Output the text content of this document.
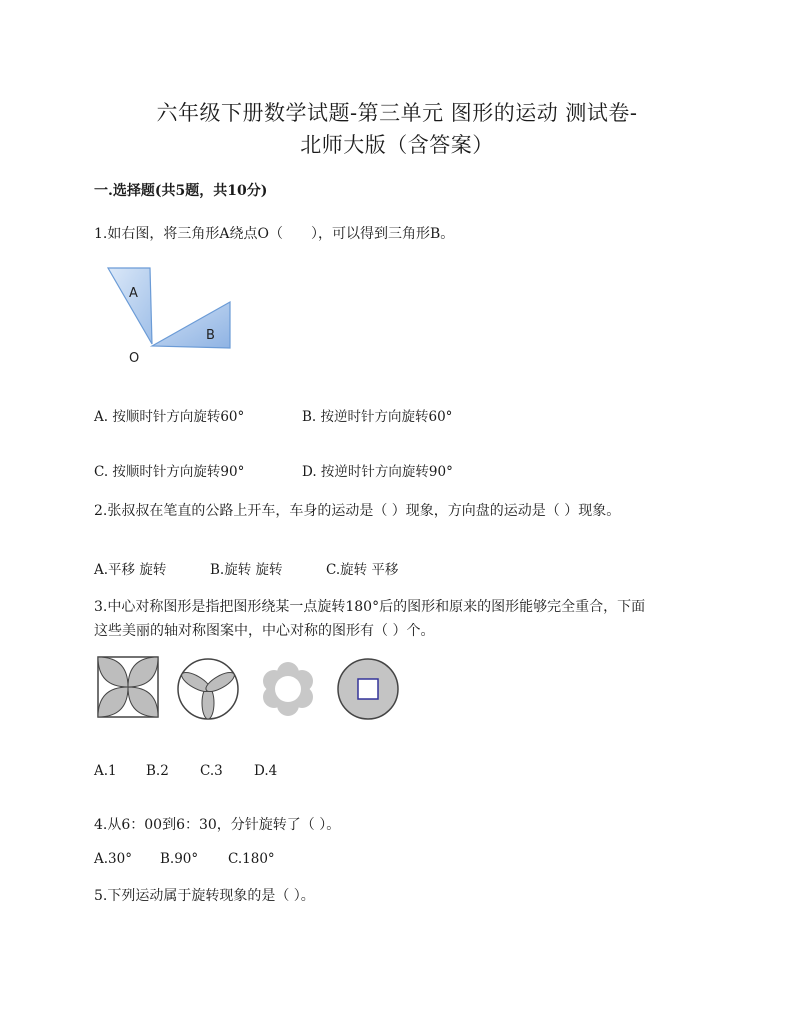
六年级下册数学试题-第三单元 图形的运动 测试卷-
北师大版（含答案）
一.选择题(共5题，共10分)
1.如右图，将三角形A绕点O（　　），可以得到三角形B。
A
B
O
A. 按顺时针方向旋转60°	B. 按逆时针方向旋转60°
C. 按顺时针方向旋转90°	D. 按逆时针方向旋转90°
2.张叔叔在笔直的公路上开车，车身的运动是（ ）现象，方向盘的运动是（ ）现象。
A.平移 旋转	B.旋转 旋转	C.旋转 平移
3.中心对称图形是指把图形绕某一点旋转180°后的图形和原来的图形能够完全重合，下面
这些美丽的轴对称图案中，中心对称的图形有（ ）个。
A.1 B.2 C.3 D.4
4.从6：00到6：30，分针旋转了（ ）。
A.30° B.90° C.180°
5.下列运动属于旋转现象的是（ ）。
